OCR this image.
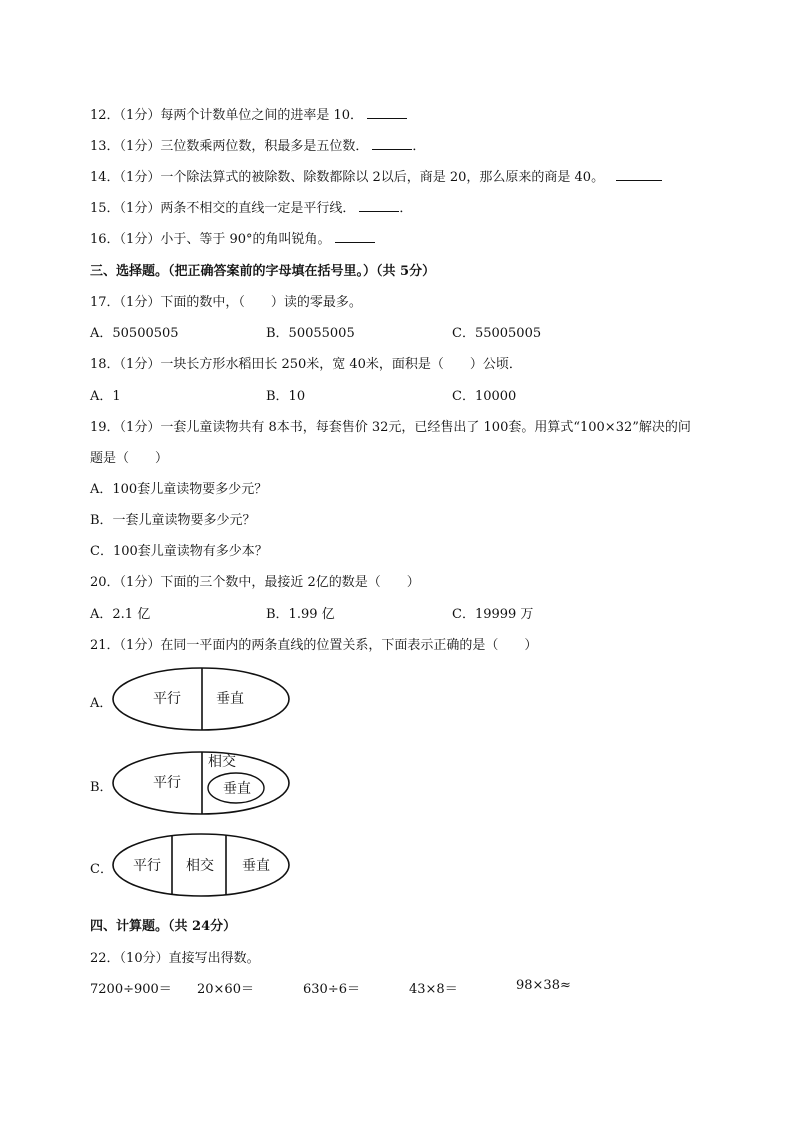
12．（1分）每两个计数单位之间的进率是 10．
13．（1分）三位数乘两位数，积最多是五位数．	．
14．（1分）一个除法算式的被除数、除数都除以 2以后，商是 20，那么原来的商是 40。
15．（1分）两条不相交的直线一定是平行线．	．
16．（1分）小于、等于 90°的角叫锐角。
三、选择题。（把正确答案前的字母填在括号里。）（共 5分）
17．（1分）下面的数中，（　　）读的零最多。
A．50500505	B．50055005	C．55005005
18．（1分）一块长方形水稻田长 250米，宽 40米，面积是（　　）公顷．
A．1	B．10	C．10000
19．（1分）一套儿童读物共有 8本书，每套售价 32元，已经售出了 100套。用算式“100×32”解决的问
题是（　　）
A．100套儿童读物要多少元？
B．一套儿童读物要多少元？
C．100套儿童读物有多少本？
20．（1分）下面的三个数中，最接近 2亿的数是（　　）
A．2.1 亿	B．1.99 亿	C．19999 万
21．（1分）在同一平面内的两条直线的位置关系，下面表示正确的是（　　）
A．	平行	垂直
B．	平行
相交
垂直
C． 平行 相交 垂直
四、计算题。（共 24分）
22．（10分）直接写出得数。
7200÷900＝ 20×60＝	630÷6＝	43×8＝	98×38≈
